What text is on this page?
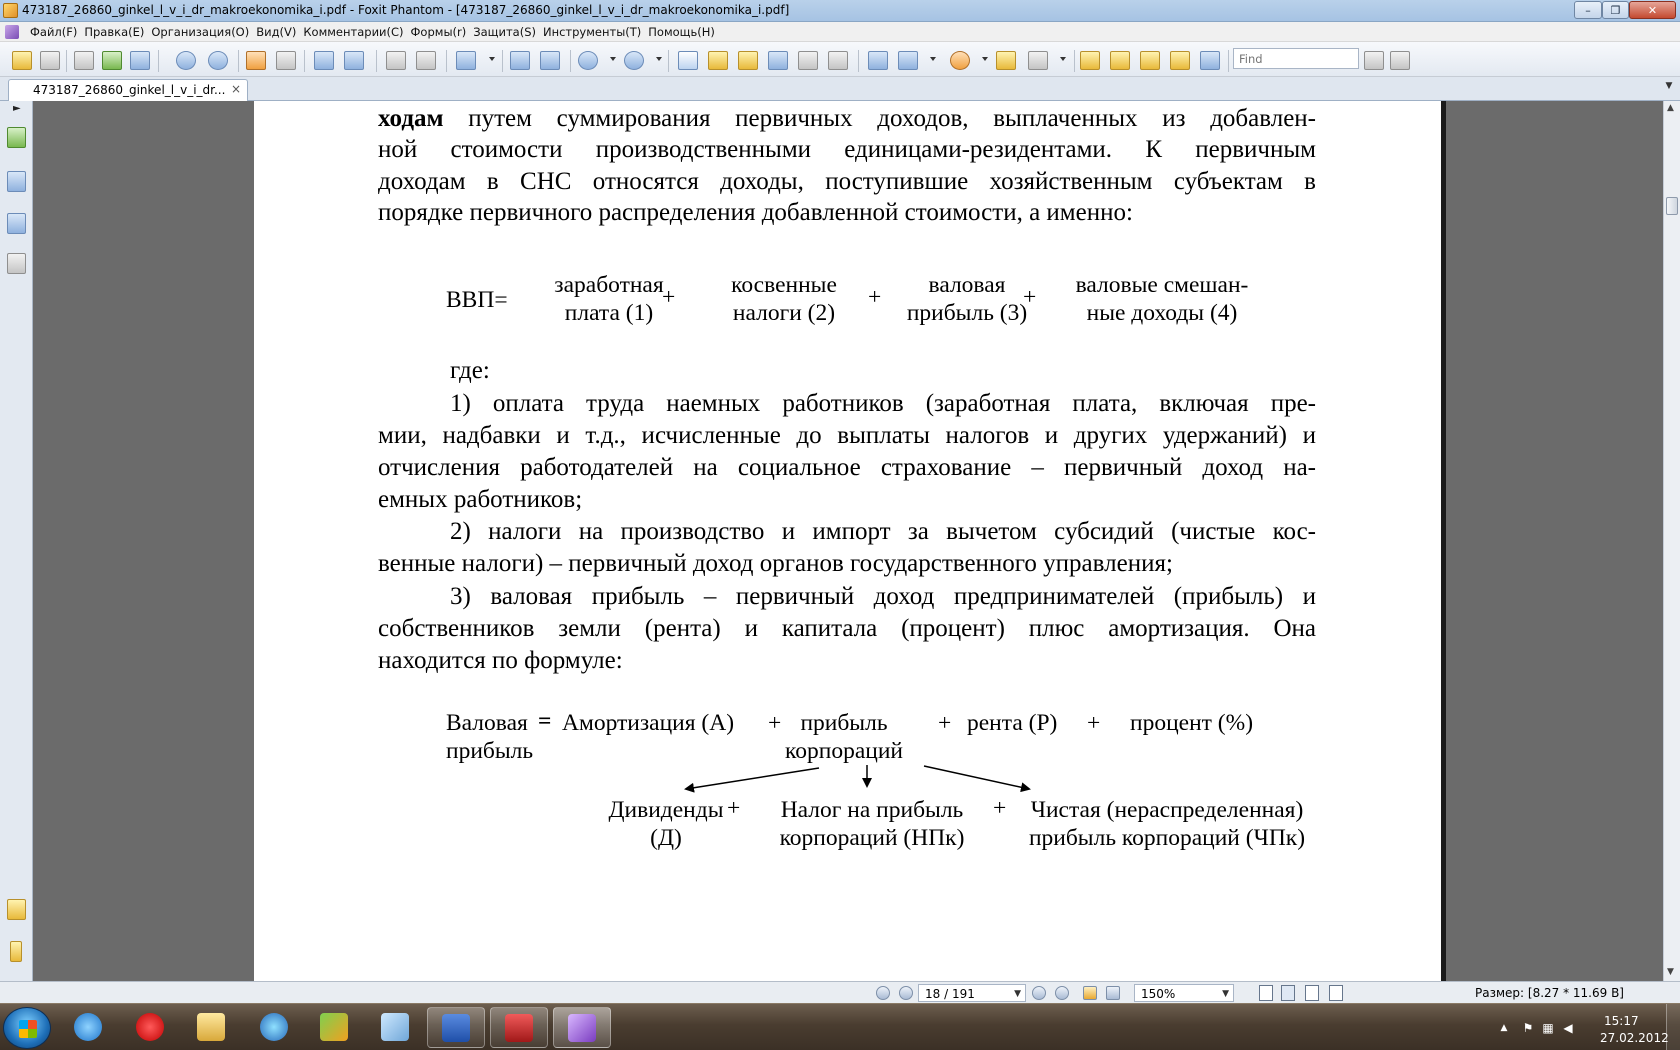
473187_26860_ginkel_l_v_i_dr_makroekonomika_i.pdf - Foxit Phantom - [473187_26860_ginkel_l_v_i_dr_makroekonomika_i.pdf]	–	❐	✕
Файл(F) Правка(E) Организация(O) Вид(V) Комментарии(C) Формы(r) Защита(S) Инструменты(T) Помощь(H)
Find
473187_26860_ginkel_l_v_i_dr... ×	▼
►	ходам путем суммирования первичных доходов, выплаченных из добавлен-
ной стоимости производственными единицами-резидентами. К первичным
доходам в СНС относятся доходы, поступившие хозяйственным субъектам в
порядке первичного распределения добавленной стоимости, а именно:
ВВП=
заработная
плата (1)
+	косвенные
налоги (2)
+	валовая
прибыль (3)
+	валовые смешан-
ные доходы (4)
где:
1) оплата труда наемных работников (заработная плата, включая пре-
мии, надбавки и т.д., исчисленные до выплаты налогов и других удержаний) и
отчисления работодателей на социальное страхование – первичный доход на-
емных работников;
2) налоги на производство и импорт за вычетом субсидий (чистые кос-
венные налоги) – первичный доход органов государственного управления;
3) валовая прибыль – первичный доход предпринимателей (прибыль) и
собственников земли (рента) и капитала (процент) плюс амортизация. Она
находится по формуле:
Валовая
прибыль
= Амортизация (А) + прибыль
корпораций
+ рента (Р) + процент (%)
Дивиденды
(Д)
+	Налог на прибыль
корпораций (НПк)
+	Чистая (нераспределенная)
прибыль корпораций (ЧПк)
▲
▼
18 / 191	▼	150%	▼	Размер: [8.27 * 11.69 В]
▲ ⚑ ▦ ◀	15:17
27.02.2012
